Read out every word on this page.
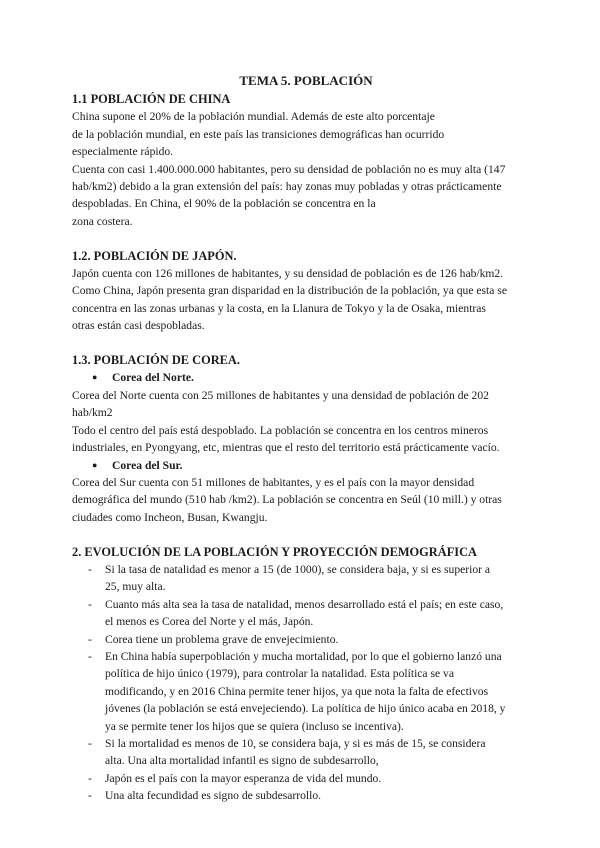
TEMA 5. POBLACIÓN
1.1 POBLACIÓN DE CHINA
China supone el 20% de la población mundial. Además de este alto porcentaje
de la población mundial, en este país las transiciones demográficas han ocurrido
especialmente rápido.
Cuenta con casi 1.400.000.000 habitantes, pero su densidad de población no es muy alta (147
hab/km2) debido a la gran extensión del país: hay zonas muy pobladas y otras prácticamente
despobladas. En China, el 90% de la población se concentra en la
zona costera.
1.2. POBLACIÓN DE JAPÓN.
Japón cuenta con 126 millones de habitantes, y su densidad de población es de 126 hab/km2.
Como China, Japón presenta gran disparidad en la distribución de la población, ya que esta se
concentra en las zonas urbanas y la costa, en la Llanura de Tokyo y la de Osaka, mientras
otras están casi despobladas.
1.3. POBLACIÓN DE COREA.
●	Corea del Norte.
Corea del Norte cuenta con 25 millones de habitantes y una densidad de población de 202
hab/km2
Todo el centro del país está despoblado. La población se concentra en los centros mineros
industriales, en Pyongyang, etc, mientras que el resto del territorio está prácticamente vacío.
●	Corea del Sur.
Corea del Sur cuenta con 51 millones de habitantes, y es el país con la mayor densidad
demográfica del mundo (510 hab /km2). La población se concentra en Seúl (10 mill.) y otras
ciudades como Incheon, Busan, Kwangju.
2. EVOLUCIÓN DE LA POBLACIÓN Y PROYECCIÓN DEMOGRÁFICA
-	Si la tasa de natalidad es menor a 15 (de 1000), se considera baja, y si es superior a
25, muy alta.
-	Cuanto más alta sea la tasa de natalidad, menos desarrollado está el país; en este caso,
el menos es Corea del Norte y el más, Japón.
-	Corea tiene un problema grave de envejecimiento.
-	En China había superpoblación y mucha mortalidad, por lo que el gobierno lanzó una
política de hijo único (1979), para controlar la natalidad. Esta política se va
modificando, y en 2016 China permite tener hijos, ya que nota la falta de efectivos
jóvenes (la población se está envejeciendo). La política de hijo único acaba en 2018, y
ya se permite tener los hijos que se quiera (incluso se incentiva).
-	Si la mortalidad es menos de 10, se considera baja, y si es más de 15, se considera
alta. Una alta mortalidad infantil es signo de subdesarrollo,
-	Japón es el país con la mayor esperanza de vida del mundo.
-	Una alta fecundidad es signo de subdesarrollo.
